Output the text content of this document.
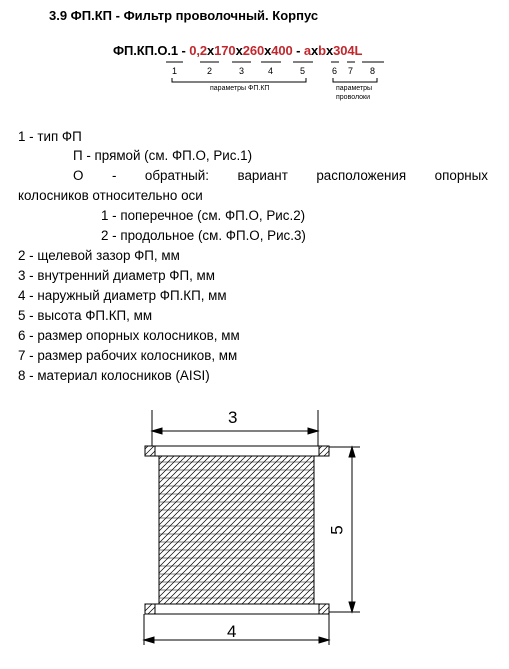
3.9 ФП.КП - Фильтр проволочный. Корпус
ФП.КП.О.1 - 0,2х170х260х400 - ахbх304L
1	2	3	4	5	6 7 8
параметры ФП.КП	параметры
проволоки
1 - тип ФП
П - прямой (см. ФП.О, Рис.1)
О - обратный: вариант расположения опорных
колосников относительно оси
1 - поперечное (см. ФП.О, Рис.2)
2 - продольное (см. ФП.О, Рис.3)
2 - щелевой зазор ФП, мм
3 - внутренний диаметр ФП, мм
4 - наружный диаметр ФП.КП, мм
5 - высота ФП.КП, мм
6 - размер опорных колосников, мм
7 - размер рабочих колосников, мм
8 - материал колосников (AISI)
3
4
5
